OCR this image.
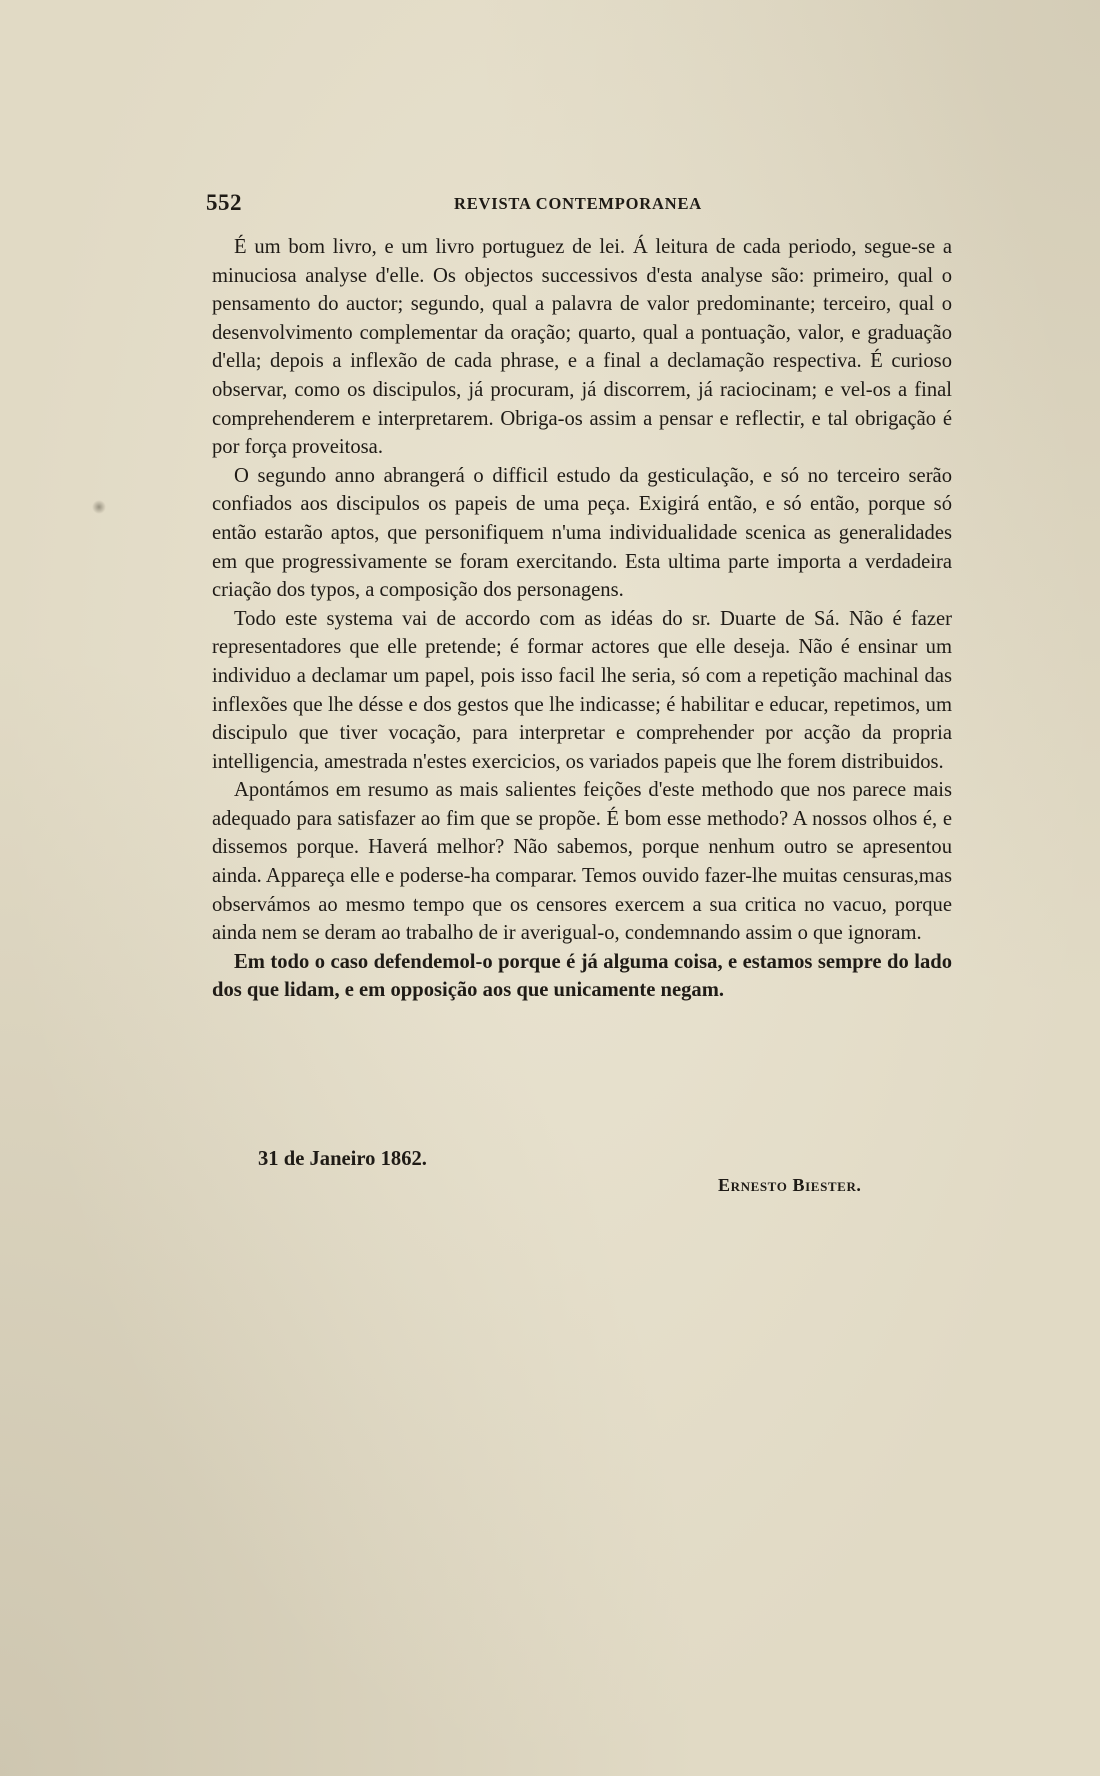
552	REVISTA CONTEMPORANEA

É um bom livro, e um livro portuguez de lei. Á leitura de cada periodo, segue-se a minuciosa analyse d'elle. Os objectos successivos d'esta analyse são: primeiro, qual o pensamento do auctor; segundo, qual a palavra de valor predominante; terceiro, qual o desenvolvimento complementar da oração; quarto, qual a pontuação, valor, e graduação d'ella; depois a inflexão de cada phrase, e a final a declamação respectiva. É curioso observar, como os discipulos, já procuram, já discorrem, já raciocinam; e vel-os a final comprehenderem e interpretarem. Obriga-os assim a pensar e reflectir, e tal obrigação é por força proveitosa.

O segundo anno abrangerá o difficil estudo da gesticulação, e só no terceiro serão confiados aos discipulos os papeis de uma peça. Exigirá então, e só então, porque só então estarão aptos, que personifiquem n'uma individualidade scenica as generalidades em que progressivamente se foram exercitando. Esta ultima parte importa a verdadeira criação dos typos, a composição dos personagens.

Todo este systema vai de accordo com as idéas do sr. Duarte de Sá. Não é fazer representadores que elle pretende; é formar actores que elle deseja. Não é ensinar um individuo a declamar um papel, pois isso facil lhe seria, só com a repetição machinal das inflexões que lhe désse e dos gestos que lhe indicasse; é habilitar e educar, repetimos, um discipulo que tiver vocação, para interpretar e comprehender por acção da propria intelligencia, amestrada n'estes exercicios, os variados papeis que lhe forem distribuidos.

Apontámos em resumo as mais salientes feições d'este methodo que nos parece mais adequado para satisfazer ao fim que se propõe. É bom esse methodo? A nossos olhos é, e dissemos porque. Haverá melhor? Não sabemos, porque nenhum outro se apresentou ainda. Appareça elle e poderse-ha comparar. Temos ouvido fazer-lhe muitas censuras,mas observámos ao mesmo tempo que os censores exercem a sua critica no vacuo, porque ainda nem se deram ao trabalho de ir averigual-o, condemnando assim o que ignoram.

Em todo o caso defendemol-o porque é já alguma coisa, e estamos sempre do lado dos que lidam, e em opposição aos que unicamente negam.

31 de Janeiro 1862.
Ernesto Biester.
